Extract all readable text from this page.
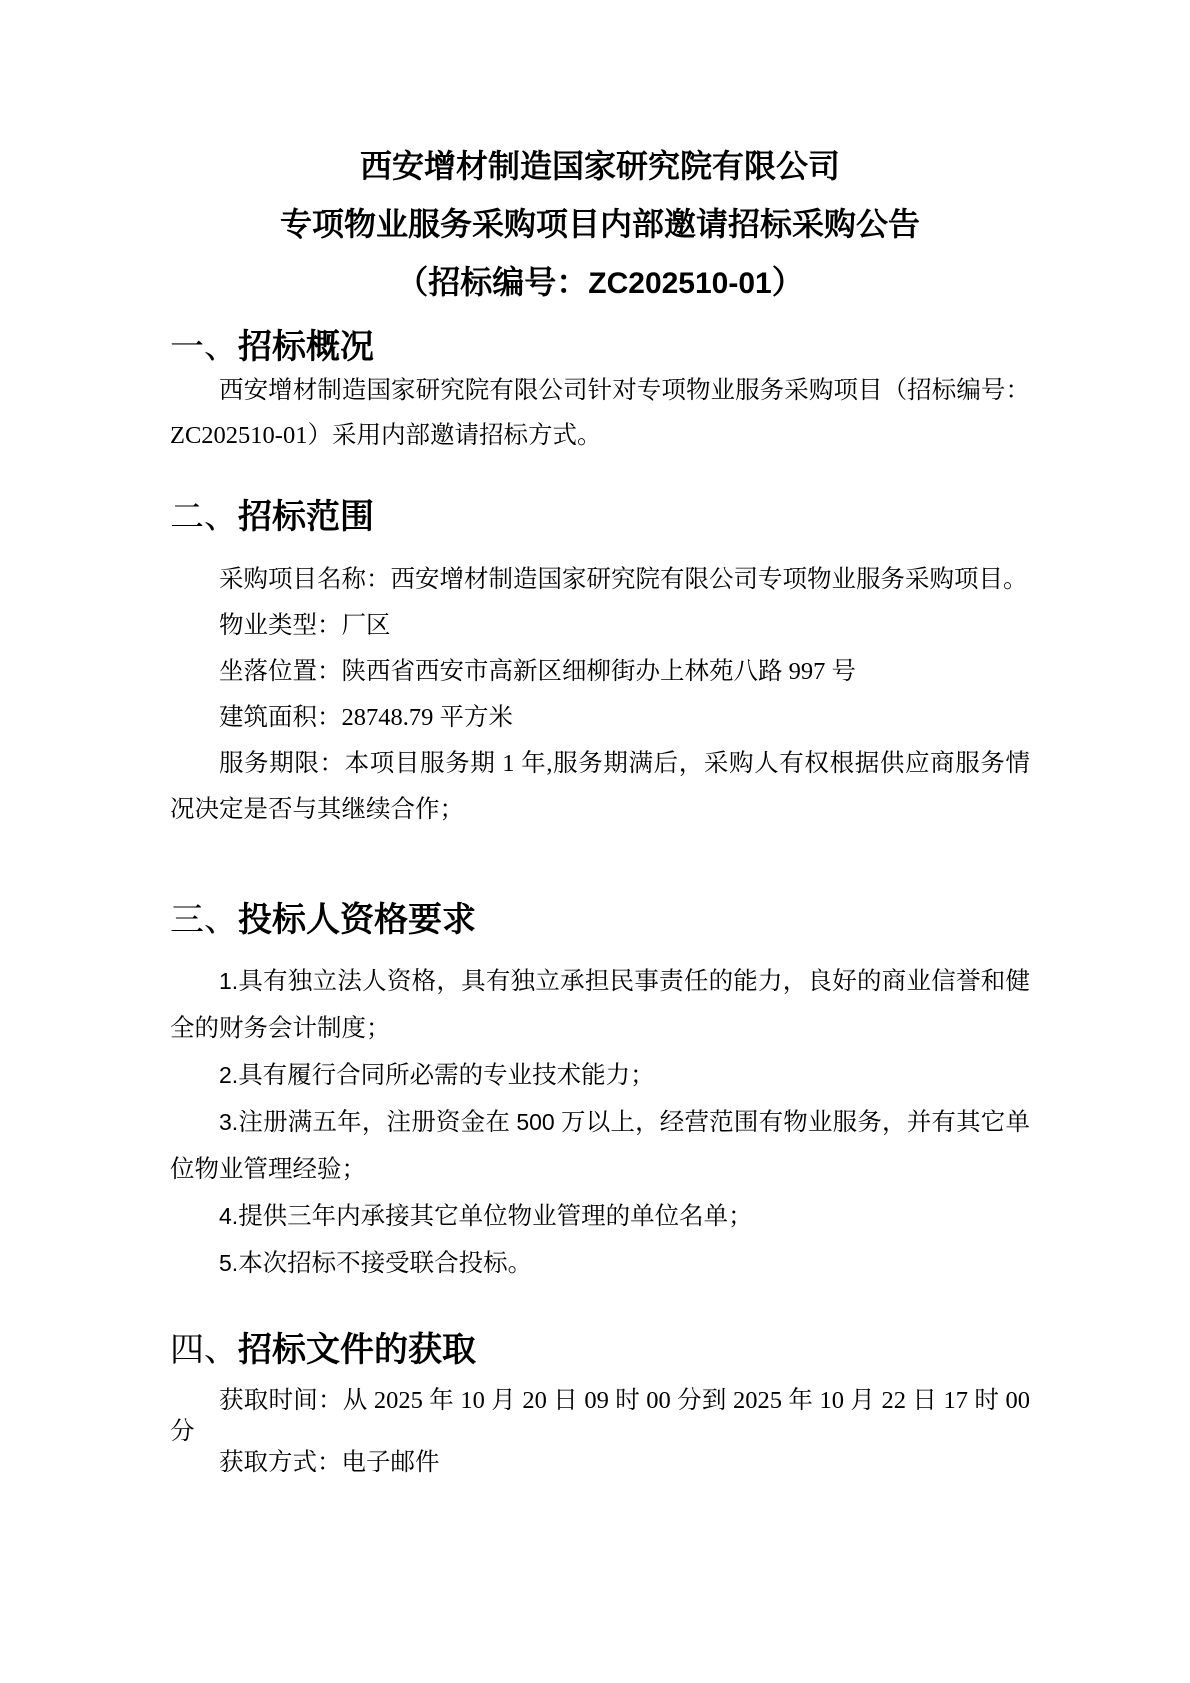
西安增材制造国家研究院有限公司

专项物业服务采购项目内部邀请招标采购公告

（招标编号：ZC202510-01）

一、招标概况

西安增材制造国家研究院有限公司针对专项物业服务采购项目（招标编号：ZC202510-01）采用内部邀请招标方式。

二、招标范围

采购项目名称：西安增材制造国家研究院有限公司专项物业服务采购项目。

物业类型：厂区

坐落位置：陕西省西安市高新区细柳街办上林苑八路 997 号

建筑面积：28748.79 平方米

服务期限：本项目服务期 1 年,服务期满后，采购人有权根据供应商服务情况决定是否与其继续合作；

三、投标人资格要求

1.具有独立法人资格，具有独立承担民事责任的能力，良好的商业信誉和健全的财务会计制度；

2.具有履行合同所必需的专业技术能力；

3.注册满五年，注册资金在 500 万以上，经营范围有物业服务，并有其它单位物业管理经验；

4.提供三年内承接其它单位物业管理的单位名单；

5.本次招标不接受联合投标。

四、招标文件的获取

获取时间：从 2025 年 10 月 20 日 09 时 00 分到 2025 年 10 月 22 日 17 时 00 分

获取方式：电子邮件
